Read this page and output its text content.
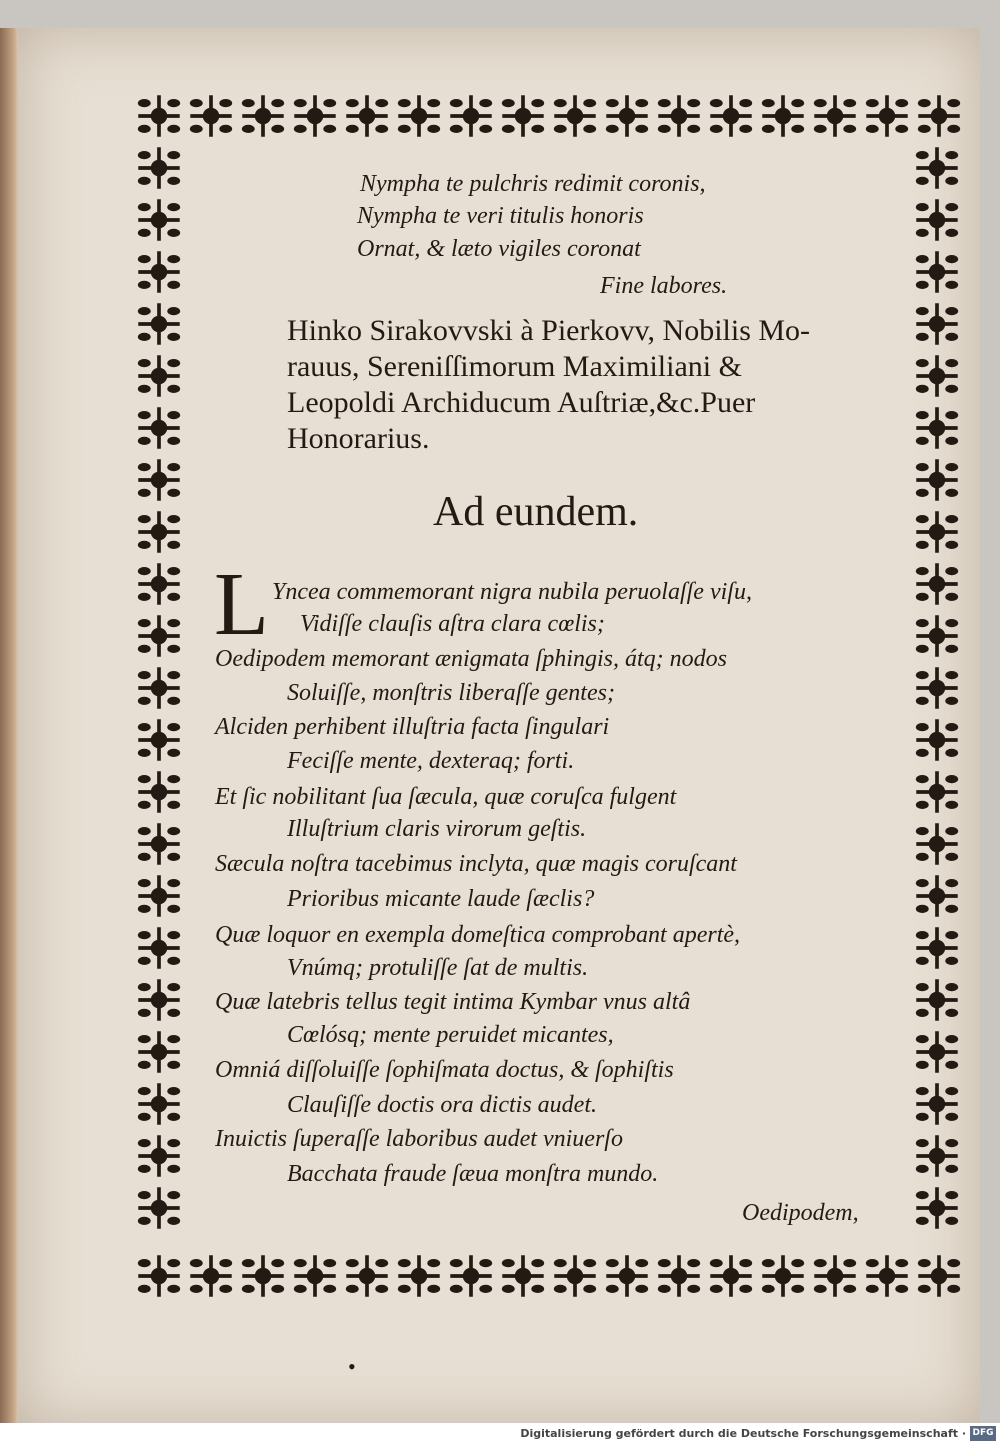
Nympha te pulchris redimit coronis,
Nympha te veri titulis honoris
Ornat, & læto vigiles coronat
Fine labores.
Hinko Sirakovvski à Pierkovv, Nobilis Mo-
rauus, Sereniſſimorum Maximiliani &
Leopoldi Archiducum Auſtriæ,&c.Puer
Honorarius.
Ad eundem.
L Yncea commemorant nigra nubila peruolaſſe viſu,
Vidiſſe clauſis aſtra clara cœlis;
Oedipodem memorant ænigmata ſphingis, átq; nodos
Soluiſſe, monſtris liberaſſe gentes;
Alciden perhibent illuſtria facta ſingulari
Feciſſe mente, dexteraq; forti.
Et ſic nobilitant ſua ſæcula, quæ coruſca fulgent
Illuſtrium claris virorum geſtis.
Sæcula noſtra tacebimus inclyta, quæ magis coruſcant
Prioribus micante laude ſæclis?
Quæ loquor en exempla domeſtica comprobant apertè,
Vnúmq; protuliſſe ſat de multis.
Quæ latebris tellus tegit intima Kymbar vnus altâ
Cœlósq; mente peruidet micantes,
Omniá diſſoluiſſe ſophiſmata doctus, & ſophiſtis
Clauſiſſe doctis ora dictis audet.
Inuictis ſuperaſſe laboribus audet vniuerſo
Bacchata fraude ſæua monſtra mundo.
Oedipodem,
•
Digitalisierung gefördert durch die Deutsche Forschungsgemeinschaft · DFG
